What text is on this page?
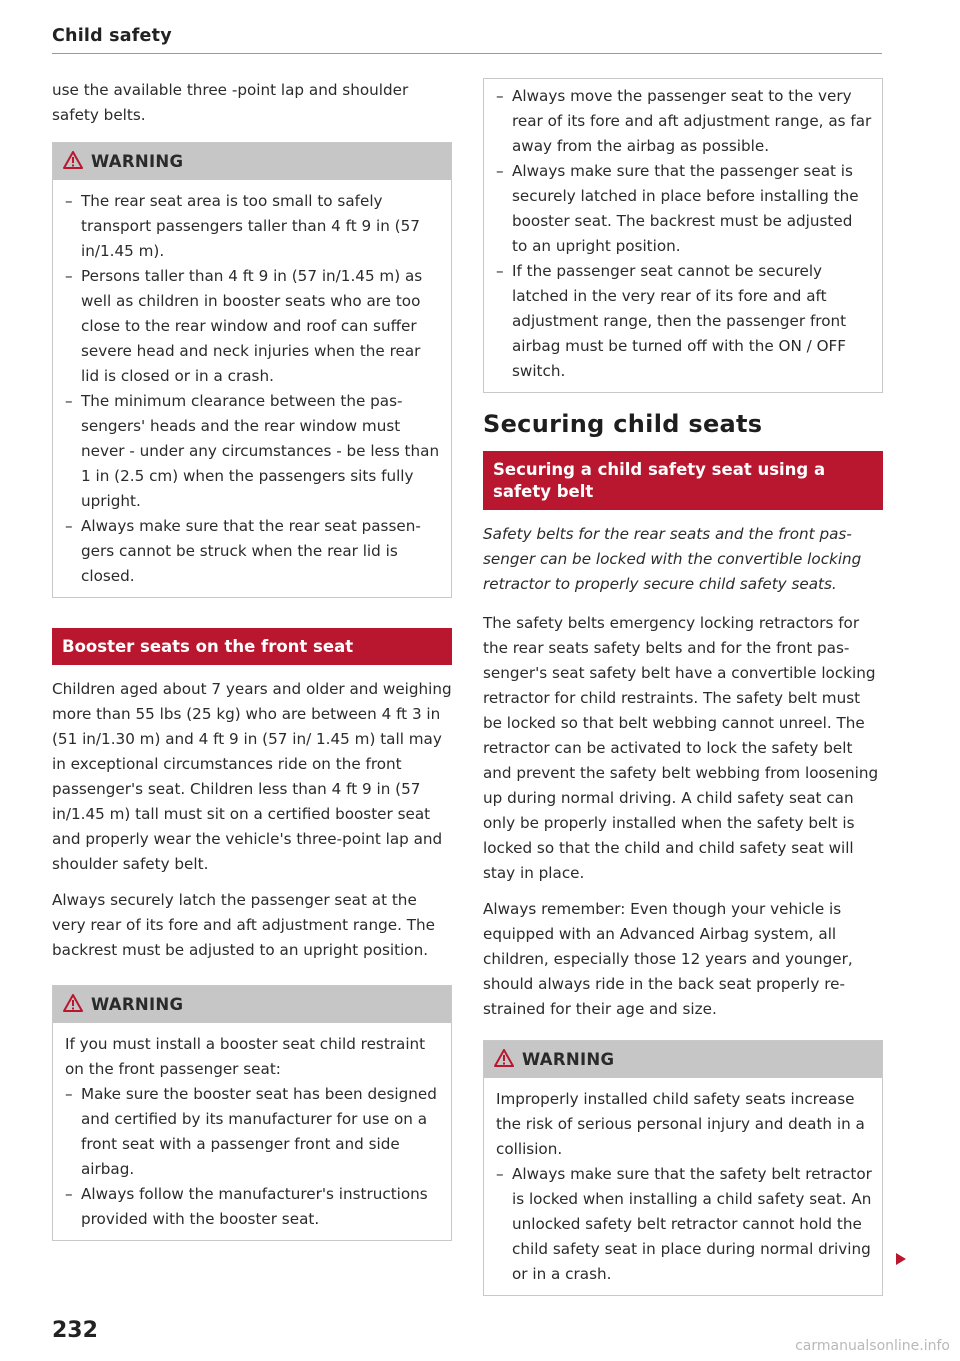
Child safety

use the available three -point lap and shoulder safety belts.

WARNING
– The rear seat area is too small to safely transport passengers taller than 4 ft 9 in (57 in/1.45 m).
– Persons taller than 4 ft 9 in (57 in/1.45 m) as well as children in booster seats who are too close to the rear window and roof can suffer severe head and neck injuries when the rear lid is closed or in a crash.
– The minimum clearance between the passengers' heads and the rear window must never - under any circumstances - be less than 1 in (2.5 cm) when the passengers sits fully upright.
– Always make sure that the rear seat passengers cannot be struck when the rear lid is closed.
Booster seats on the front seat

Children aged about 7 years and older and weighing more than 55 lbs (25 kg) who are between 4 ft 3 in (51 in/1.30 m) and 4 ft 9 in (57 in/ 1.45 m) tall may in exceptional circumstances ride on the front passenger's seat. Children less than 4 ft 9 in (57 in/1.45 m) tall must sit on a certified booster seat and properly wear the vehicle's three-point lap and shoulder safety belt.

Always securely latch the passenger seat at the very rear of its fore and aft adjustment range. The backrest must be adjusted to an upright position.

WARNING
If you must install a booster seat child restraint on the front passenger seat:
– Make sure the booster seat has been designed and certified by its manufacturer for use on a front seat with a passenger front and side airbag.
– Always follow the manufacturer's instructions provided with the booster seat.
– Always move the passenger seat to the very rear of its fore and aft adjustment range, as far away from the airbag as possible.
– Always make sure that the passenger seat is securely latched in place before installing the booster seat. The backrest must be adjusted to an upright position.
– If the passenger seat cannot be securely latched in the very rear of its fore and aft adjustment range, then the passenger front airbag must be turned off with the ON / OFF switch.
Securing child seats
Securing a child safety seat using a safety belt

Safety belts for the rear seats and the front passenger can be locked with the convertible locking retractor to properly secure child safety seats.

The safety belts emergency locking retractors for the rear seats safety belts and for the front passenger's seat safety belt have a convertible locking retractor for child restraints. The safety belt must be locked so that belt webbing cannot unreel. The retractor can be activated to lock the safety belt and prevent the safety belt webbing from loosening up during normal driving. A child safety seat can only be properly installed when the safety belt is locked so that the child and child safety seat will stay in place.

Always remember: Even though your vehicle is equipped with an Advanced Airbag system, all children, especially those 12 years and younger, should always ride in the back seat properly restrained for their age and size.

WARNING
Improperly installed child safety seats increase the risk of serious personal injury and death in a collision.
– Always make sure that the safety belt retractor is locked when installing a child safety seat. An unlocked safety belt retractor cannot hold the child safety seat in place during normal driving or in a crash.
232
carmanualsonline.info
